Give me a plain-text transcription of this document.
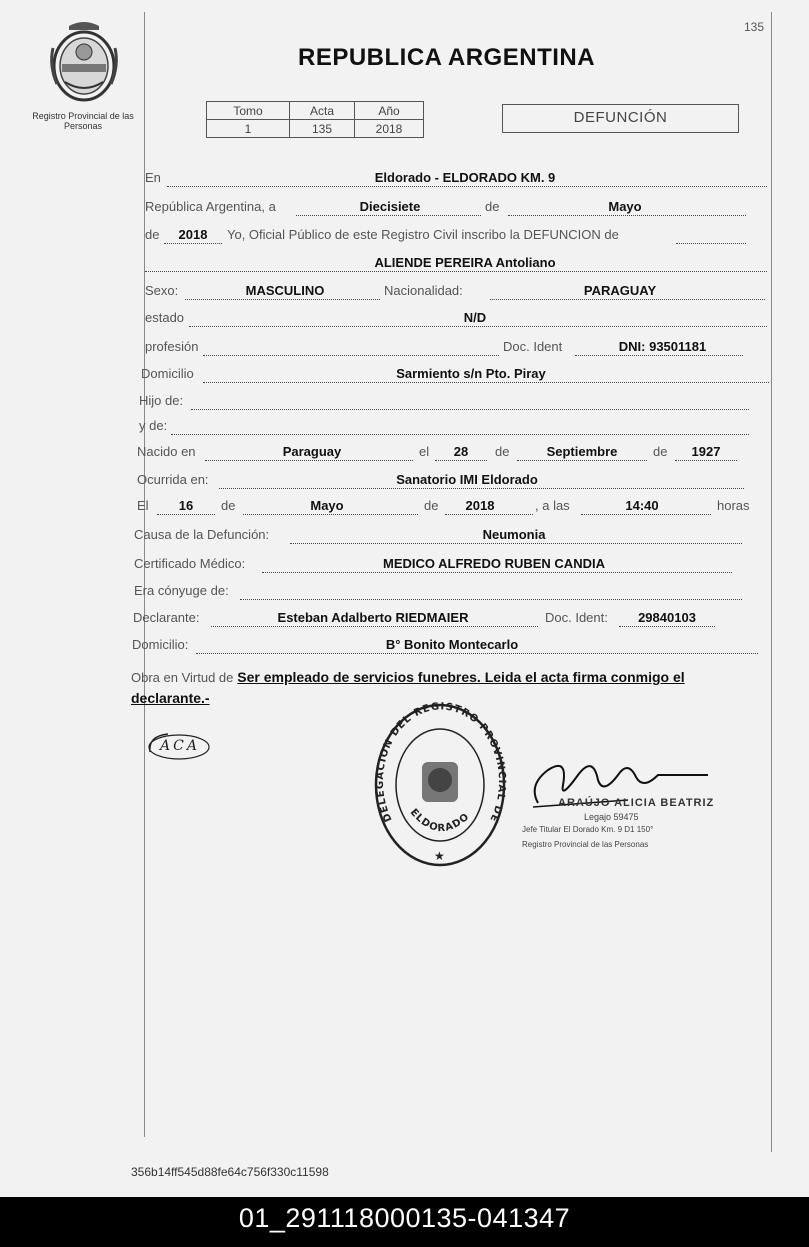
135
Registro Provincial de las Personas
REPUBLICA ARGENTINA
Tomo	Acta	Año
1	135	2018
DEFUNCIÓN
En	Eldorado - ELDORADO KM. 9
República Argentina, a	Diecisiete	de	Mayo
de	2018	Yo, Oficial Público de este Registro Civil inscribo la DEFUNCION de
ALIENDE PEREIRA Antoliano
Sexo:	MASCULINO	Nacionalidad:	PARAGUAY
estado	N/D
profesión	Doc. Ident	DNI: 93501181
Domicilio	Sarmiento s/n Pto. Piray
Hijo de:
y de:
Nacido en	Paraguay	el	28	de	Septiembre	de	1927
Ocurrida en:	Sanatorio IMI Eldorado
El	16	de	Mayo	de	2018	, a las	14:40	horas
Causa de la Defunción:	Neumonia
Certificado Médico:	MEDICO ALFREDO RUBEN CANDIA
Era cónyuge de:
Declarante:	Esteban Adalberto RIEDMAIER	Doc. Ident:	29840103
Domicilio:	B° Bonito Montecarlo
Obra en Virtud de Ser empleado de servicios funebres. Leida el acta firma conmigo el
declarante.-
ACA
DELEGACION DEL REGISTRO PROVINCIAL DE
ELDORADO
★
ARAÚJO ALICIA BEATRIZ
Legajo 59475
Jefe Titular El Dorado Km. 9 D1 150°
Registro Provincial de las Personas
356b14ff545d88fe64c756f330c11598
01_291118000135-041347
